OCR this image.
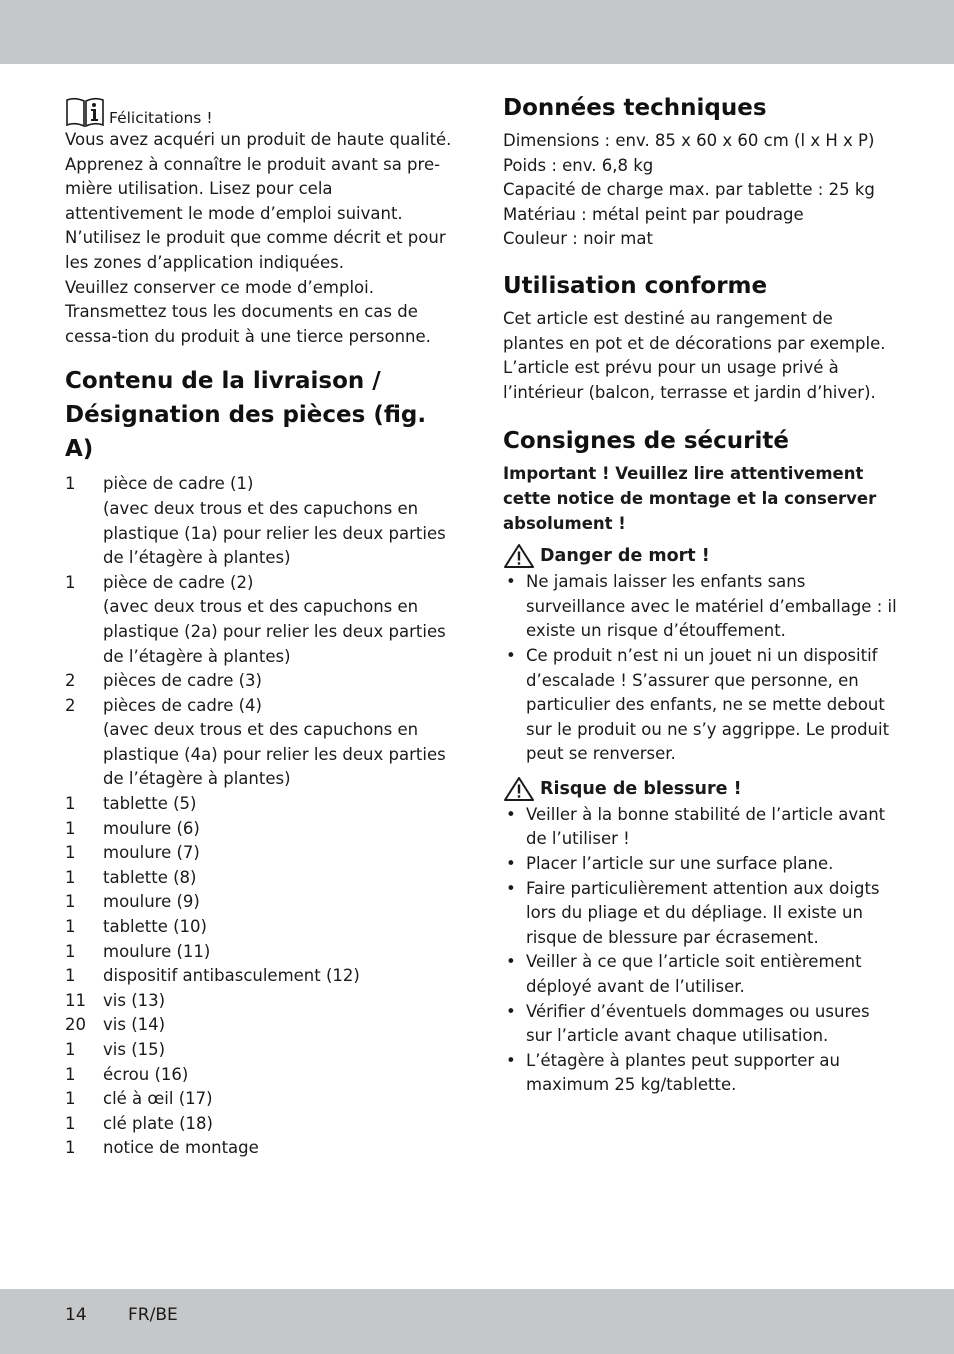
Félicitations !

Vous avez acquéri un produit de haute qualité. Apprenez à connaître le produit avant sa pre-mière utilisation. Lisez pour cela attentivement le mode d’emploi suivant.

N’utilisez le produit que comme décrit et pour les zones d’application indiquées.

Veuillez conserver ce mode d’emploi.

Transmettez tous les documents en cas de cessa-tion du produit à une tierce personne.

Contenu de la livraison / Désignation des pièces (fig. A)
1	pièce de cadre (1)
(avec deux trous et des capuchons en plastique (1a) pour relier les deux parties de l’étagère à plantes)
1	pièce de cadre (2)
(avec deux trous et des capuchons en plastique (2a) pour relier les deux parties de l’étagère à plantes)
2	pièces de cadre (3)
2	pièces de cadre (4)
(avec deux trous et des capuchons en plastique (4a) pour relier les deux parties de l’étagère à plantes)
1	tablette (5)
1	moulure (6)
1	moulure (7)
1	tablette (8)
1	moulure (9)
1	tablette (10)
1	moulure (11)
1	dispositif antibasculement (12)
11	vis (13)
20	vis (14)
1	vis (15)
1	écrou (16)
1	clé à œil (17)
1	clé plate (18)
1	notice de montage
Données techniques

Dimensions : env. 85 x 60 x 60 cm (l x H x P)

Poids : env. 6,8 kg

Capacité de charge max. par tablette : 25 kg

Matériau : métal peint par poudrage

Couleur : noir mat

Utilisation conforme

Cet article est destiné au rangement de plantes en pot et de décorations par exemple.

L’article est prévu pour un usage privé à l’intérieur (balcon, terrasse et jardin d’hiver).

Consignes de sécurité

Important ! Veuillez lire attentivement cette notice de montage et la conserver absolument !

Danger de mort !
• Ne jamais laisser les enfants sans surveillance avec le matériel d’emballage : il existe un risque d’étouffement.
• Ce produit n’est ni un jouet ni un dispositif d’escalade ! S’assurer que personne, en particulier des enfants, ne se mette debout sur le produit ou ne s’y aggrippe. Le produit peut se renverser.
Risque de blessure !
• Veiller à la bonne stabilité de l’article avant de l’utiliser !
• Placer l’article sur une surface plane.
• Faire particulièrement attention aux doigts lors du pliage et du dépliage. Il existe un risque de blessure par écrasement.
• Veiller à ce que l’article soit entièrement déployé avant de l’utiliser.
• Vérifier d’éventuels dommages ou usures sur l’article avant chaque utilisation.
• L’étagère à plantes peut supporter au maximum 25 kg/tablette.
14 FR/BE
